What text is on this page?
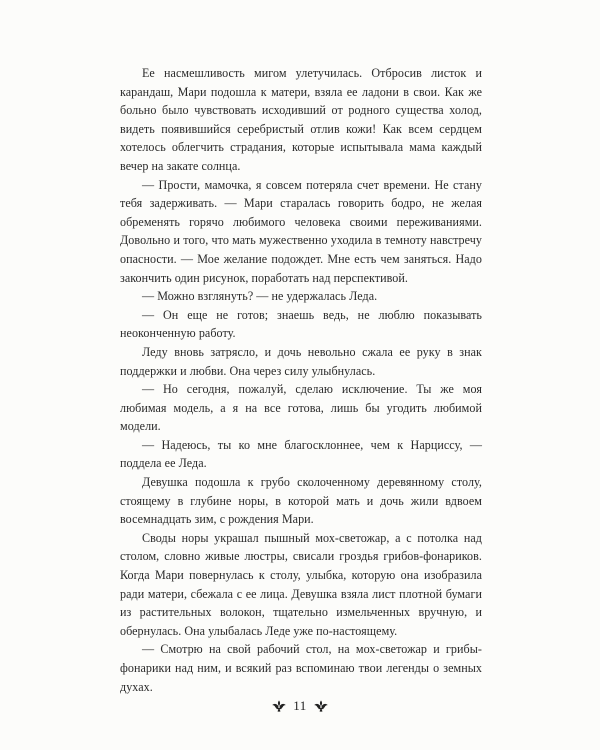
Ее насмешливость мигом улетучилась. Отбросив листок и карандаш, Мари подошла к матери, взяла ее ладони в свои. Как же больно было чувствовать исходивший от родного существа холод, видеть появившийся серебристый отлив кожи! Как всем сердцем хотелось облегчить страдания, которые испытывала мама каждый вечер на закате солнца.

— Прости, мамочка, я совсем потеряла счет времени. Не стану тебя задерживать. — Мари старалась говорить бодро, не желая обременять горячо любимого человека своими переживаниями. Довольно и того, что мать мужественно уходила в темноту навстречу опасности. — Мое желание подождет. Мне есть чем заняться. Надо закончить один рисунок, поработать над перспективой.

— Можно взглянуть? — не удержалась Леда.

— Он еще не готов; знаешь ведь, не люблю показывать неоконченную работу.

Леду вновь затрясло, и дочь невольно сжала ее руку в знак поддержки и любви. Она через силу улыбнулась.

— Но сегодня, пожалуй, сделаю исключение. Ты же моя любимая модель, а я на все готова, лишь бы угодить любимой модели.

— Надеюсь, ты ко мне благосклоннее, чем к Нарциссу, — поддела ее Леда.

Девушка подошла к грубо сколоченному деревянному столу, стоящему в глубине норы, в которой мать и дочь жили вдвоем восемнадцать зим, с рождения Мари.

Своды норы украшал пышный мох-светожар, а с потолка над столом, словно живые люстры, свисали гроздья грибов-фонариков. Когда Мари повернулась к столу, улыбка, которую она изобразила ради матери, сбежала с ее лица. Девушка взяла лист плотной бумаги из растительных волокон, тщательно измельченных вручную, и обернулась. Она улыбалась Леде уже по-настоящему.

— Смотрю на свой рабочий стол, на мох-светожар и грибы-фонарики над ним, и всякий раз вспоминаю твои легенды о земных духах.

11
